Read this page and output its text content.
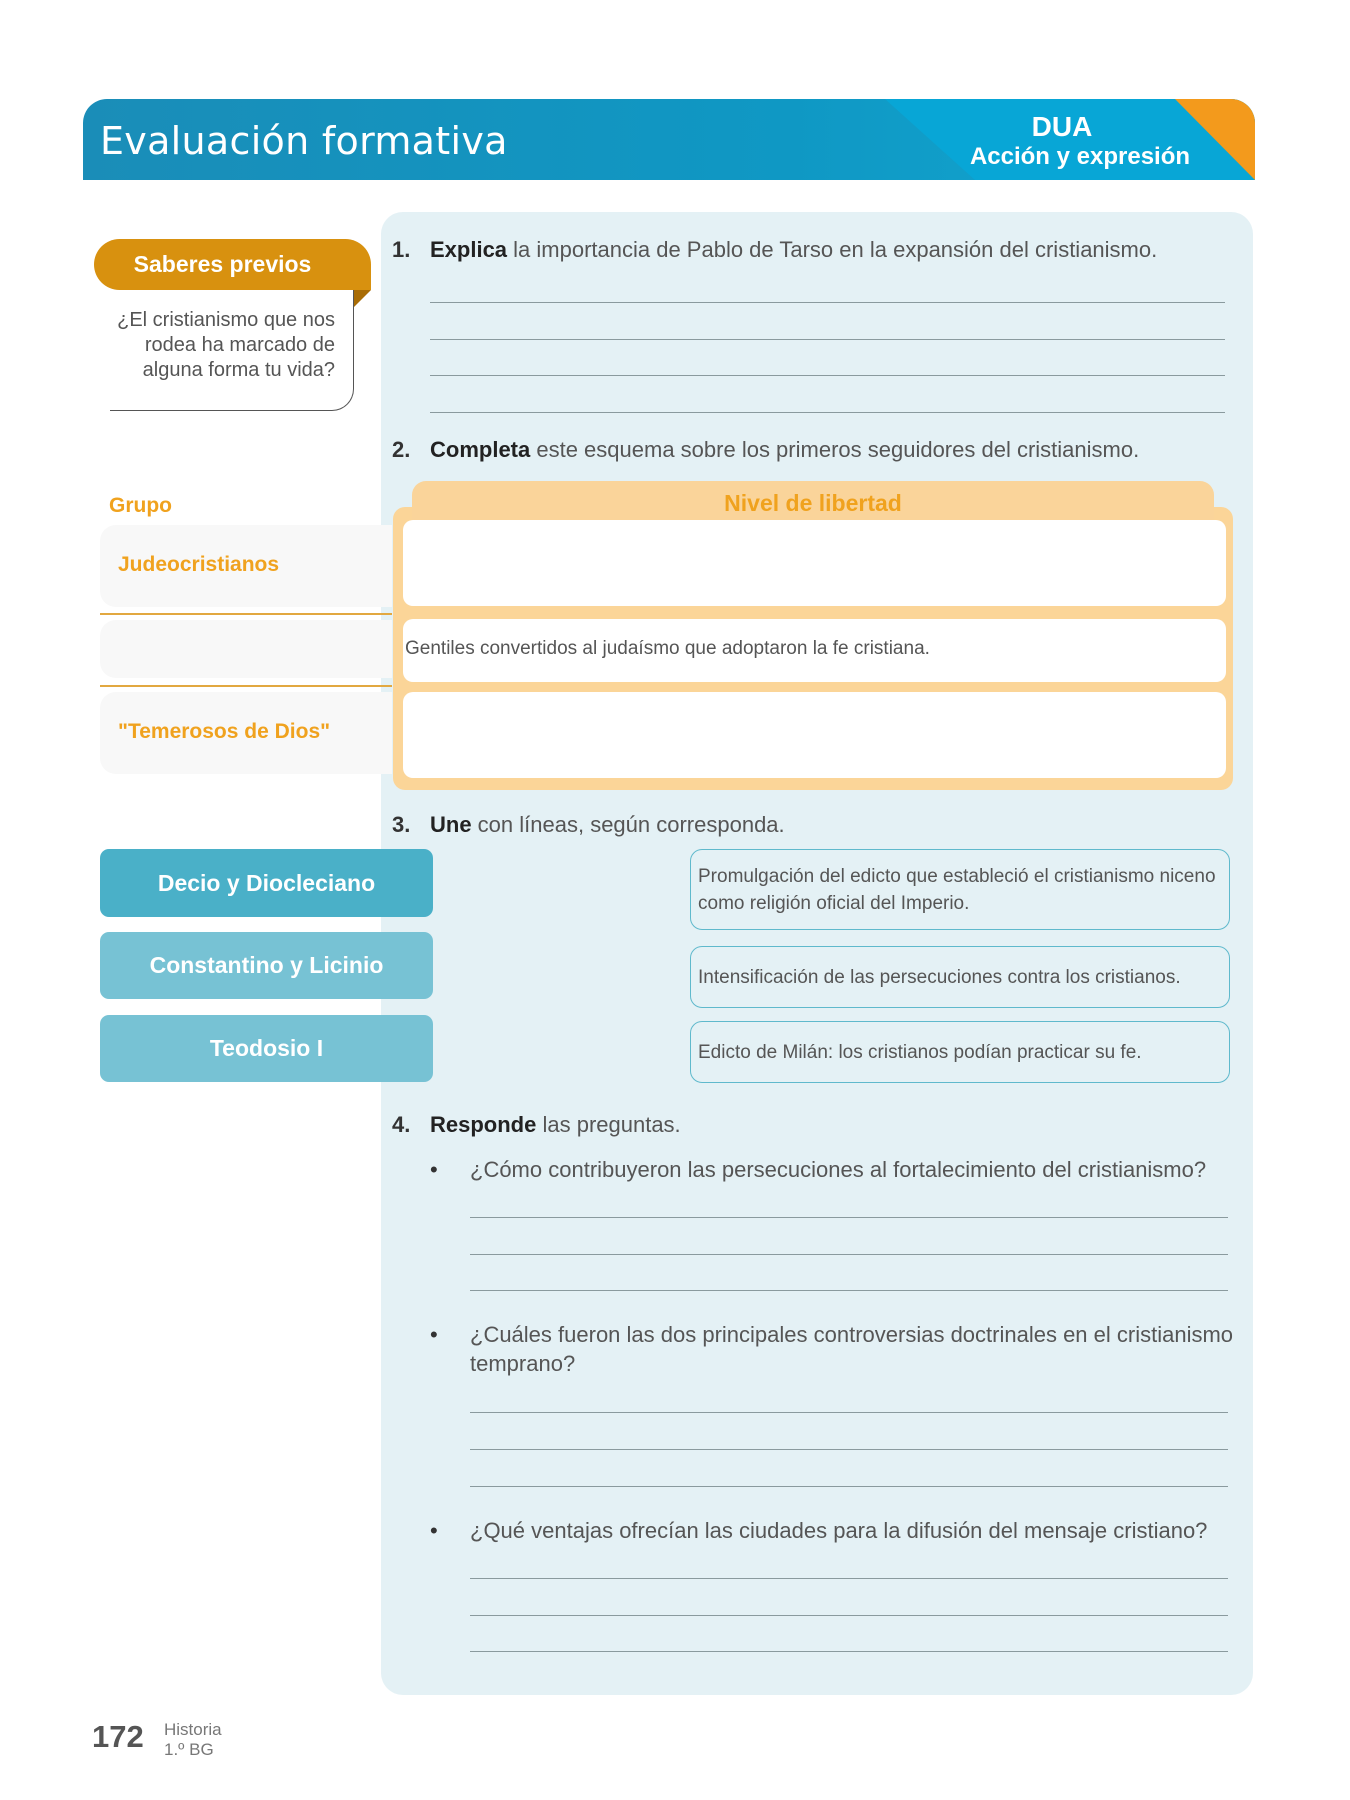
Evaluación formativa	DUA
Acción y expresión
Saberes previos
¿El cristianismo que nos rodea ha marcado de alguna forma tu vida?
1. Explica la importancia de Pablo de Tarso en la expansión del cristianismo.
2. Completa este esquema sobre los primeros seguidores del cristianismo.
Grupo	Nivel de libertad
Judeocristianos
"Temerosos de Dios"
Gentiles convertidos al judaísmo que adoptaron la fe cristiana.
3. Une con líneas, según corresponda.
Decio y Diocleciano
Constantino y Licinio
Teodosio I
Promulgación del edicto que estableció el cristianismo niceno como religión oficial del Imperio.
Intensificación de las persecuciones contra los cristianos.
Edicto de Milán: los cristianos podían practicar su fe.
4. Responde las preguntas.
• ¿Cómo contribuyeron las persecuciones al fortalecimiento del cristianismo?
• ¿Cuáles fueron las dos principales controversias doctrinales en el cristianismo temprano?
• ¿Qué ventajas ofrecían las ciudades para la difusión del mensaje cristiano?
172 Historia
1.º BG
